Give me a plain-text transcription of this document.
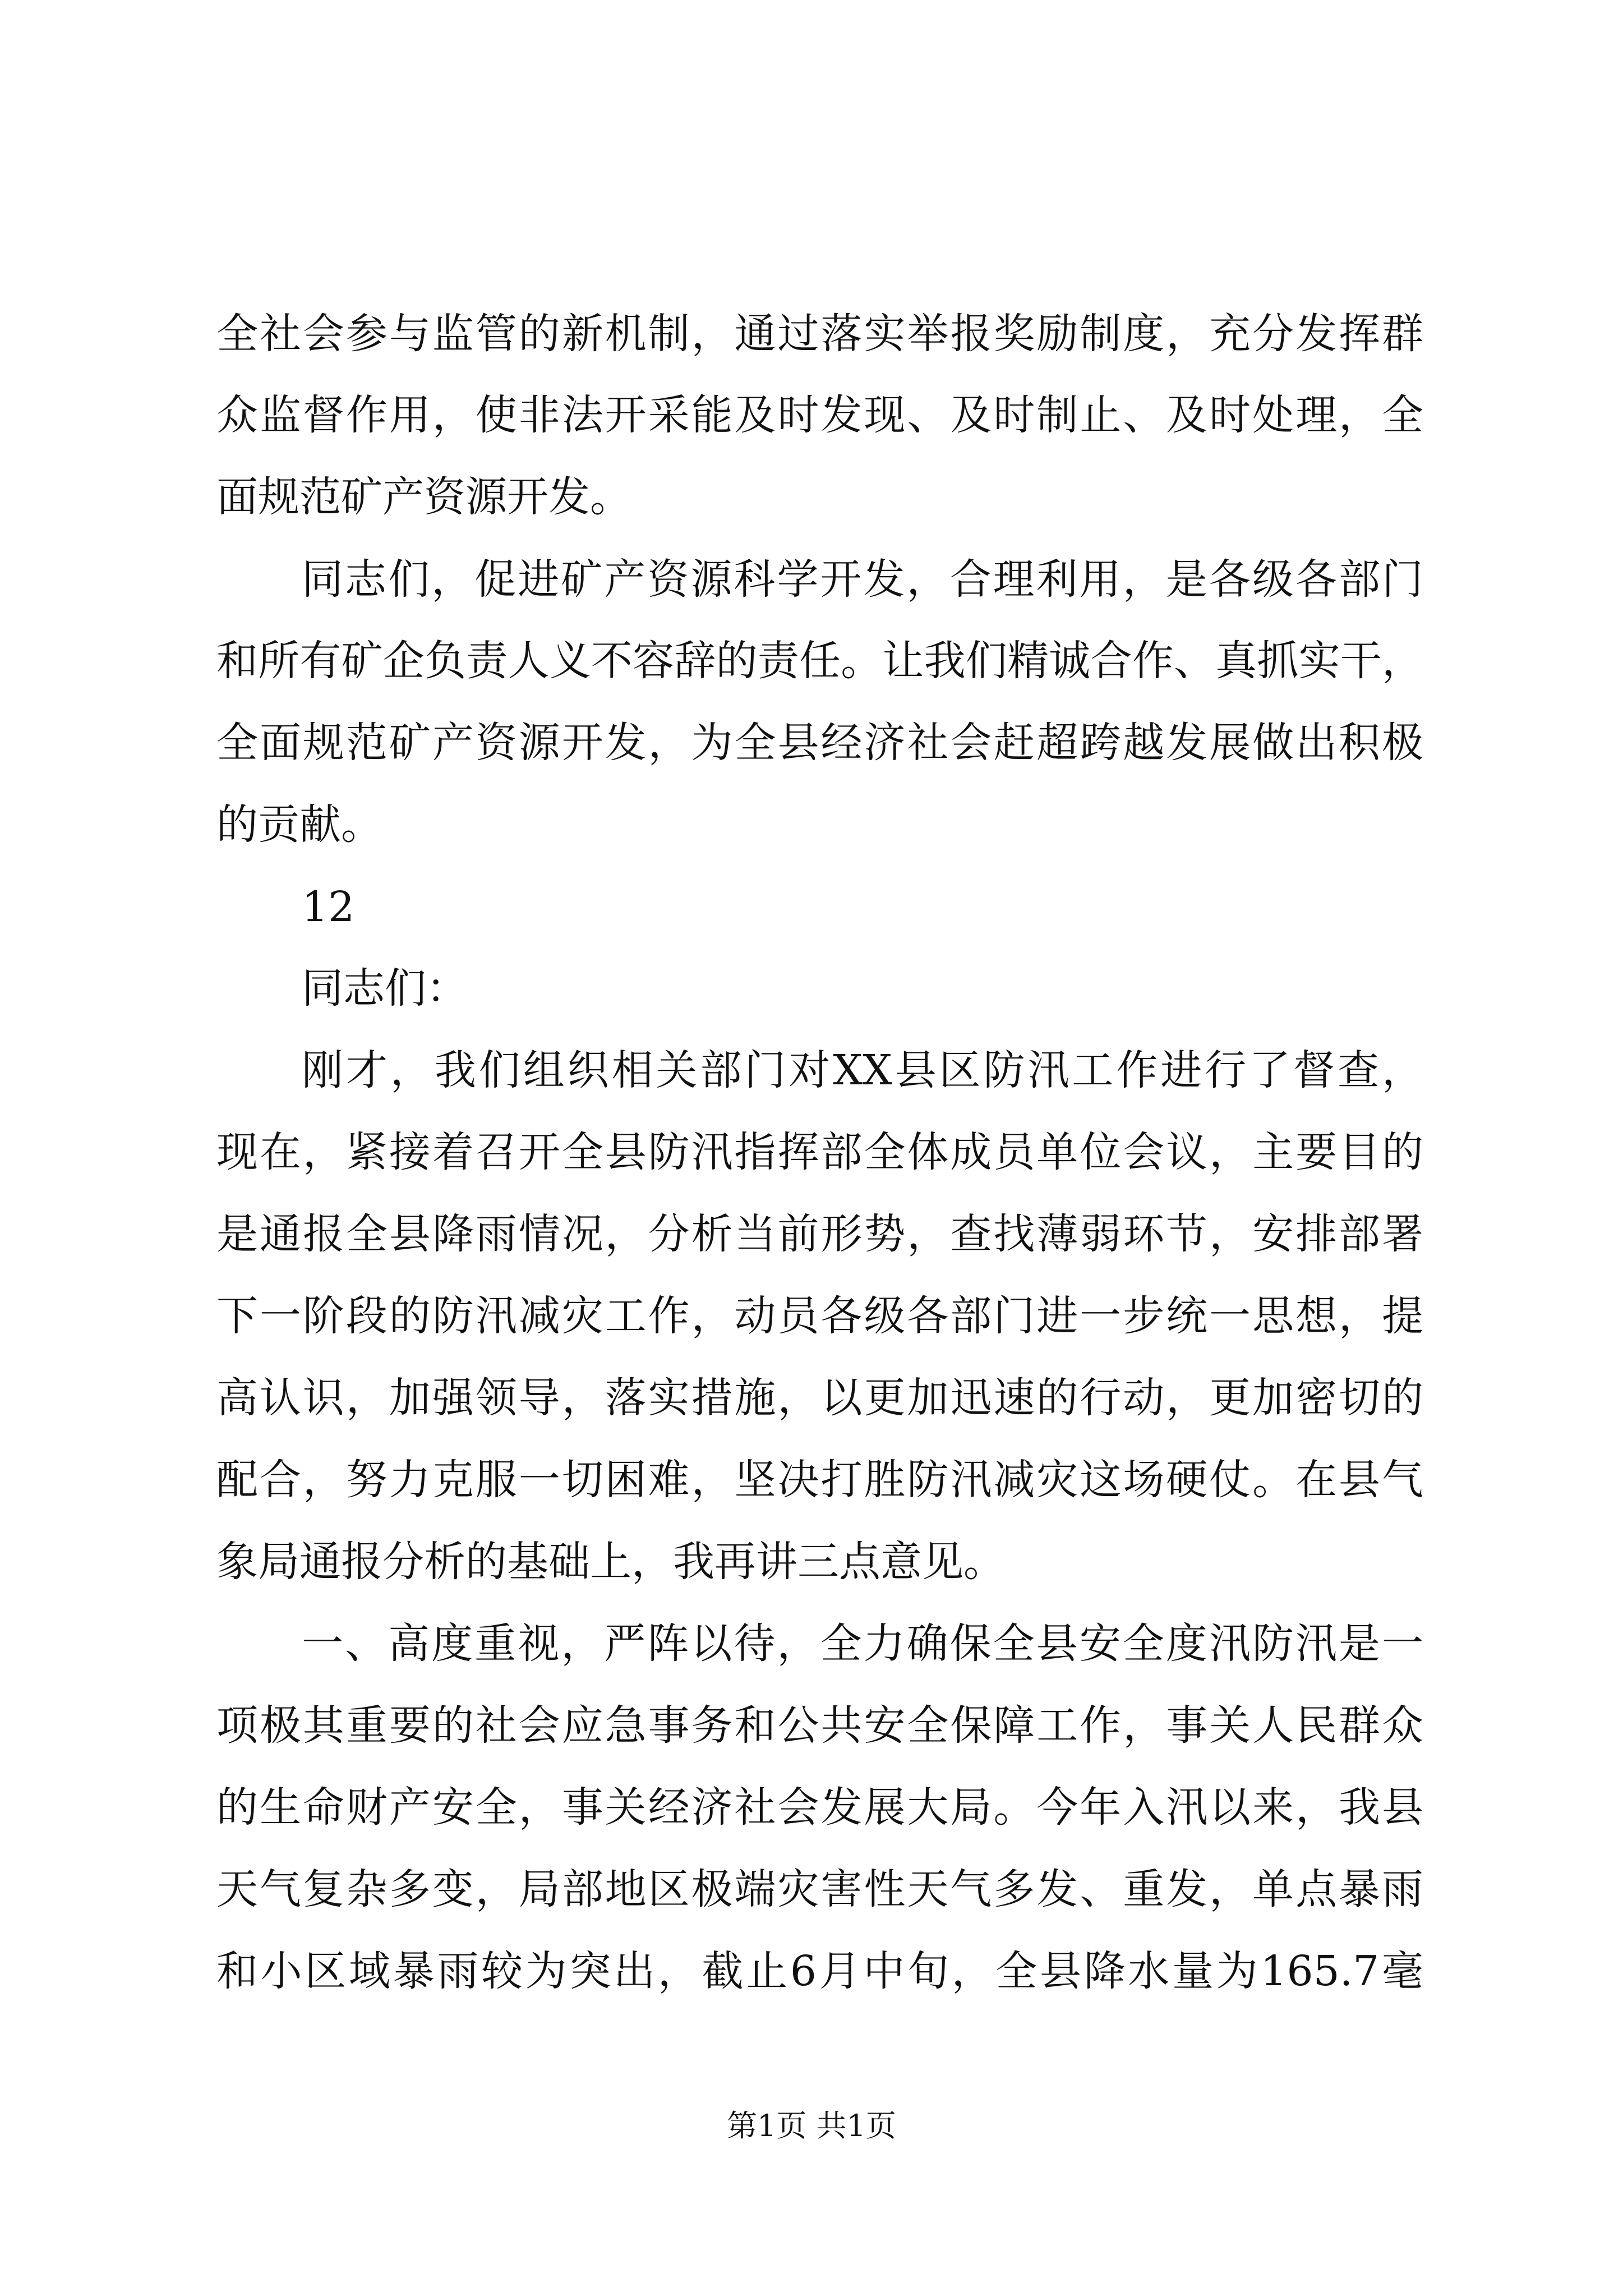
全社会参与监管的新机制，通过落实举报奖励制度，充分发挥群
众监督作用，使非法开采能及时发现、及时制止、及时处理，全
面规范矿产资源开发。
同志们，促进矿产资源科学开发，合理利用，是各级各部门
和所有矿企负责人义不容辞的责任。让我们精诚合作、真抓实干，
全面规范矿产资源开发，为全县经济社会赶超跨越发展做出积极
的贡献。
12
同志们：
刚才，我们组织相关部门对XX县区防汛工作进行了督查，
现在，紧接着召开全县防汛指挥部全体成员单位会议，主要目的
是通报全县降雨情况，分析当前形势，查找薄弱环节，安排部署
下一阶段的防汛减灾工作，动员各级各部门进一步统一思想，提
高认识，加强领导，落实措施，以更加迅速的行动，更加密切的
配合，努力克服一切困难，坚决打胜防汛减灾这场硬仗。在县气
象局通报分析的基础上，我再讲三点意见。
一、高度重视，严阵以待，全力确保全县安全度汛防汛是一
项极其重要的社会应急事务和公共安全保障工作，事关人民群众
的生命财产安全，事关经济社会发展大局。今年入汛以来，我县
天气复杂多变，局部地区极端灾害性天气多发、重发，单点暴雨
和小区域暴雨较为突出，截止6月中旬，全县降水量为165.7毫
第1页 共1页
